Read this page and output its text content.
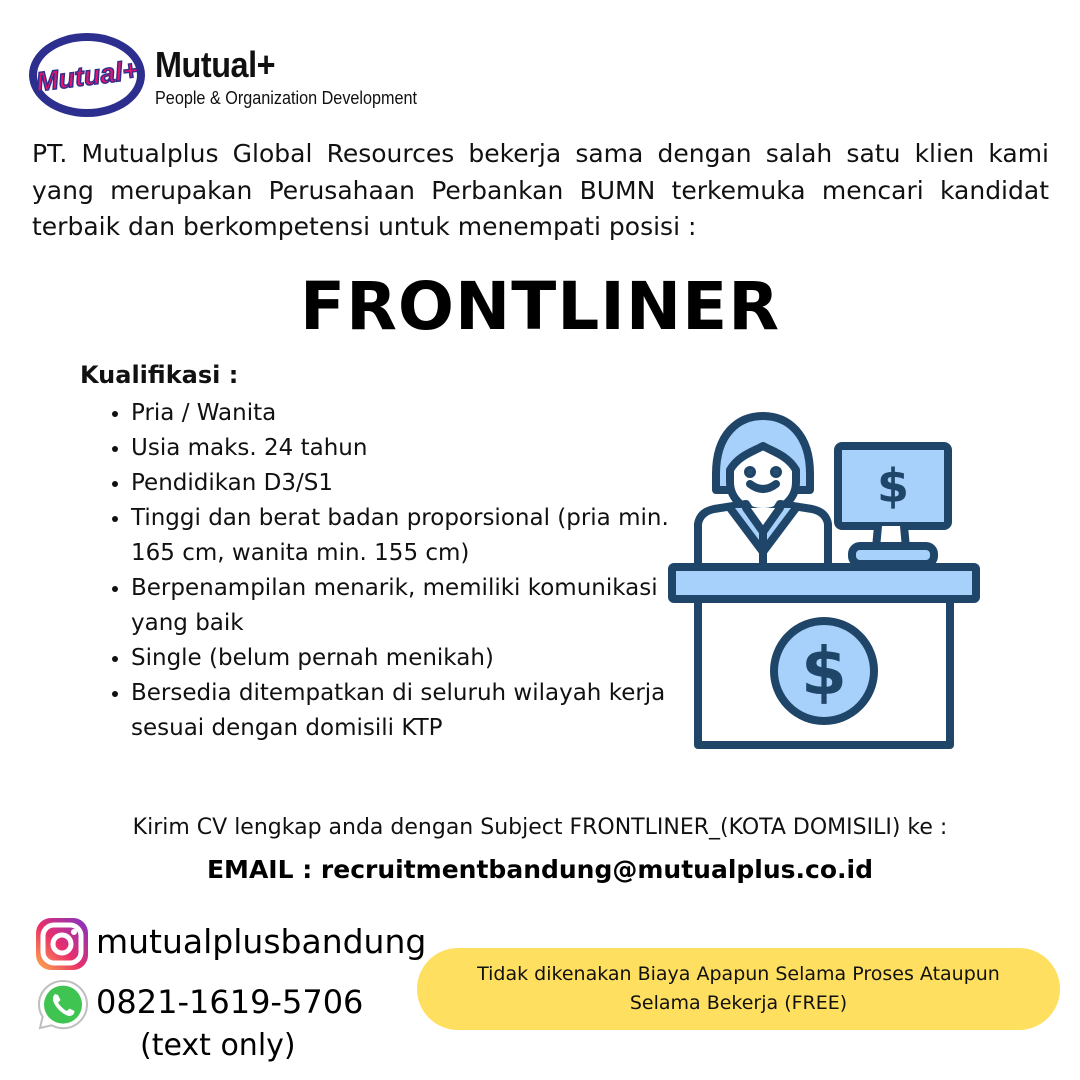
Mutual+ Mutual+
People & Organization Development
PT. Mutualplus Global Resources bekerja sama dengan salah satu klien kami yang merupakan Perusahaan Perbankan BUMN terkemuka mencari kandidat terbaik dan berkompetensi untuk menempati posisi :
FRONTLINER
Kualifikasi :
• Pria / Wanita
• Usia maks. 24 tahun
• Pendidikan D3/S1
• Tinggi dan berat badan proporsional (pria min. 165 cm, wanita min. 155 cm)
• Berpenampilan menarik, memiliki komunikasi yang baik
• Single (belum pernah menikah)
• Bersedia ditempatkan di seluruh wilayah kerja sesuai dengan domisili KTP
$
$
Kirim CV lengkap anda dengan Subject FRONTLINER_(KOTA DOMISILI) ke :
EMAIL : recruitmentbandung@mutualplus.co.id
mutualplusbandung
0821-1619-5706
(text only)
Tidak dikenakan Biaya Apapun Selama Proses Ataupun Selama Bekerja (FREE)
